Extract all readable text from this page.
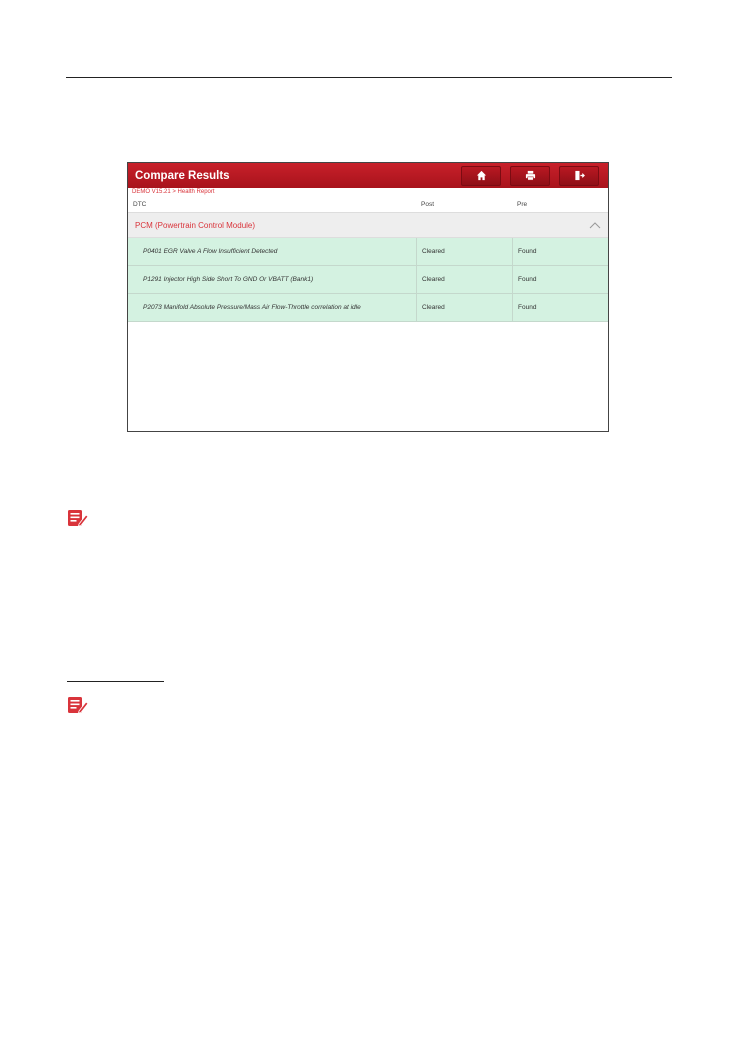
Compare Results
DEMO V15.21 > Health Report
DTC	Post	Pre
PCM (Powertrain Control Module)
P0401 EGR Valve A Flow Insufficient Detected	Cleared	Found
P1291 Injector High Side Short To GND Or VBATT (Bank1)	Cleared	Found
P2073 Manifold Absolute Pressure/Mass Air Flow-Throttle correlation at idle	Cleared	Found
